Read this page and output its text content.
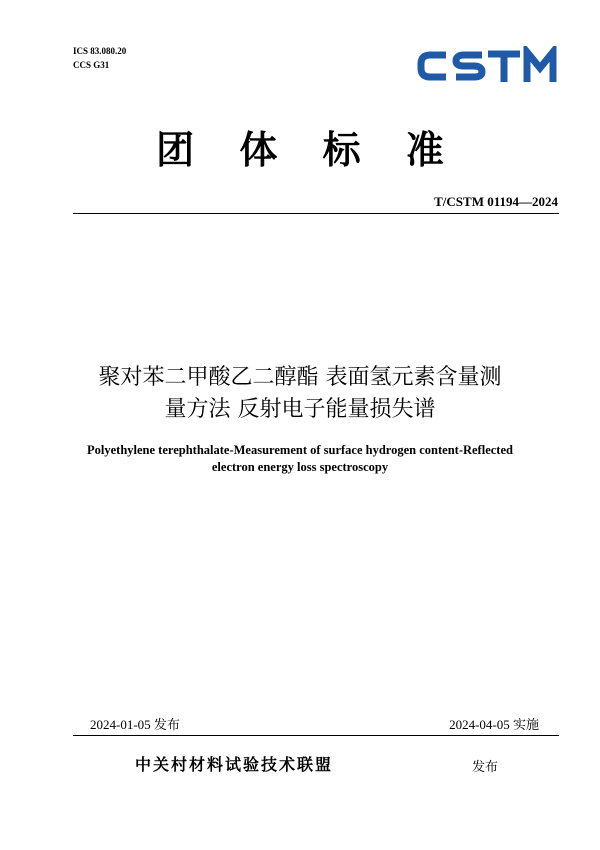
ICS 83.080.20
CCS G31
CSTM
团 体 标 准
T/CSTM 01194—2024
聚对苯二甲酸乙二醇酯 表面氢元素含量测
量方法 反射电子能量损失谱
Polyethylene terephthalate-Measurement of surface hydrogen content-Reflected
electron energy loss spectroscopy
2024-01-05 发布	2024-04-05 实施
中关村材料试验技术联盟	发布
